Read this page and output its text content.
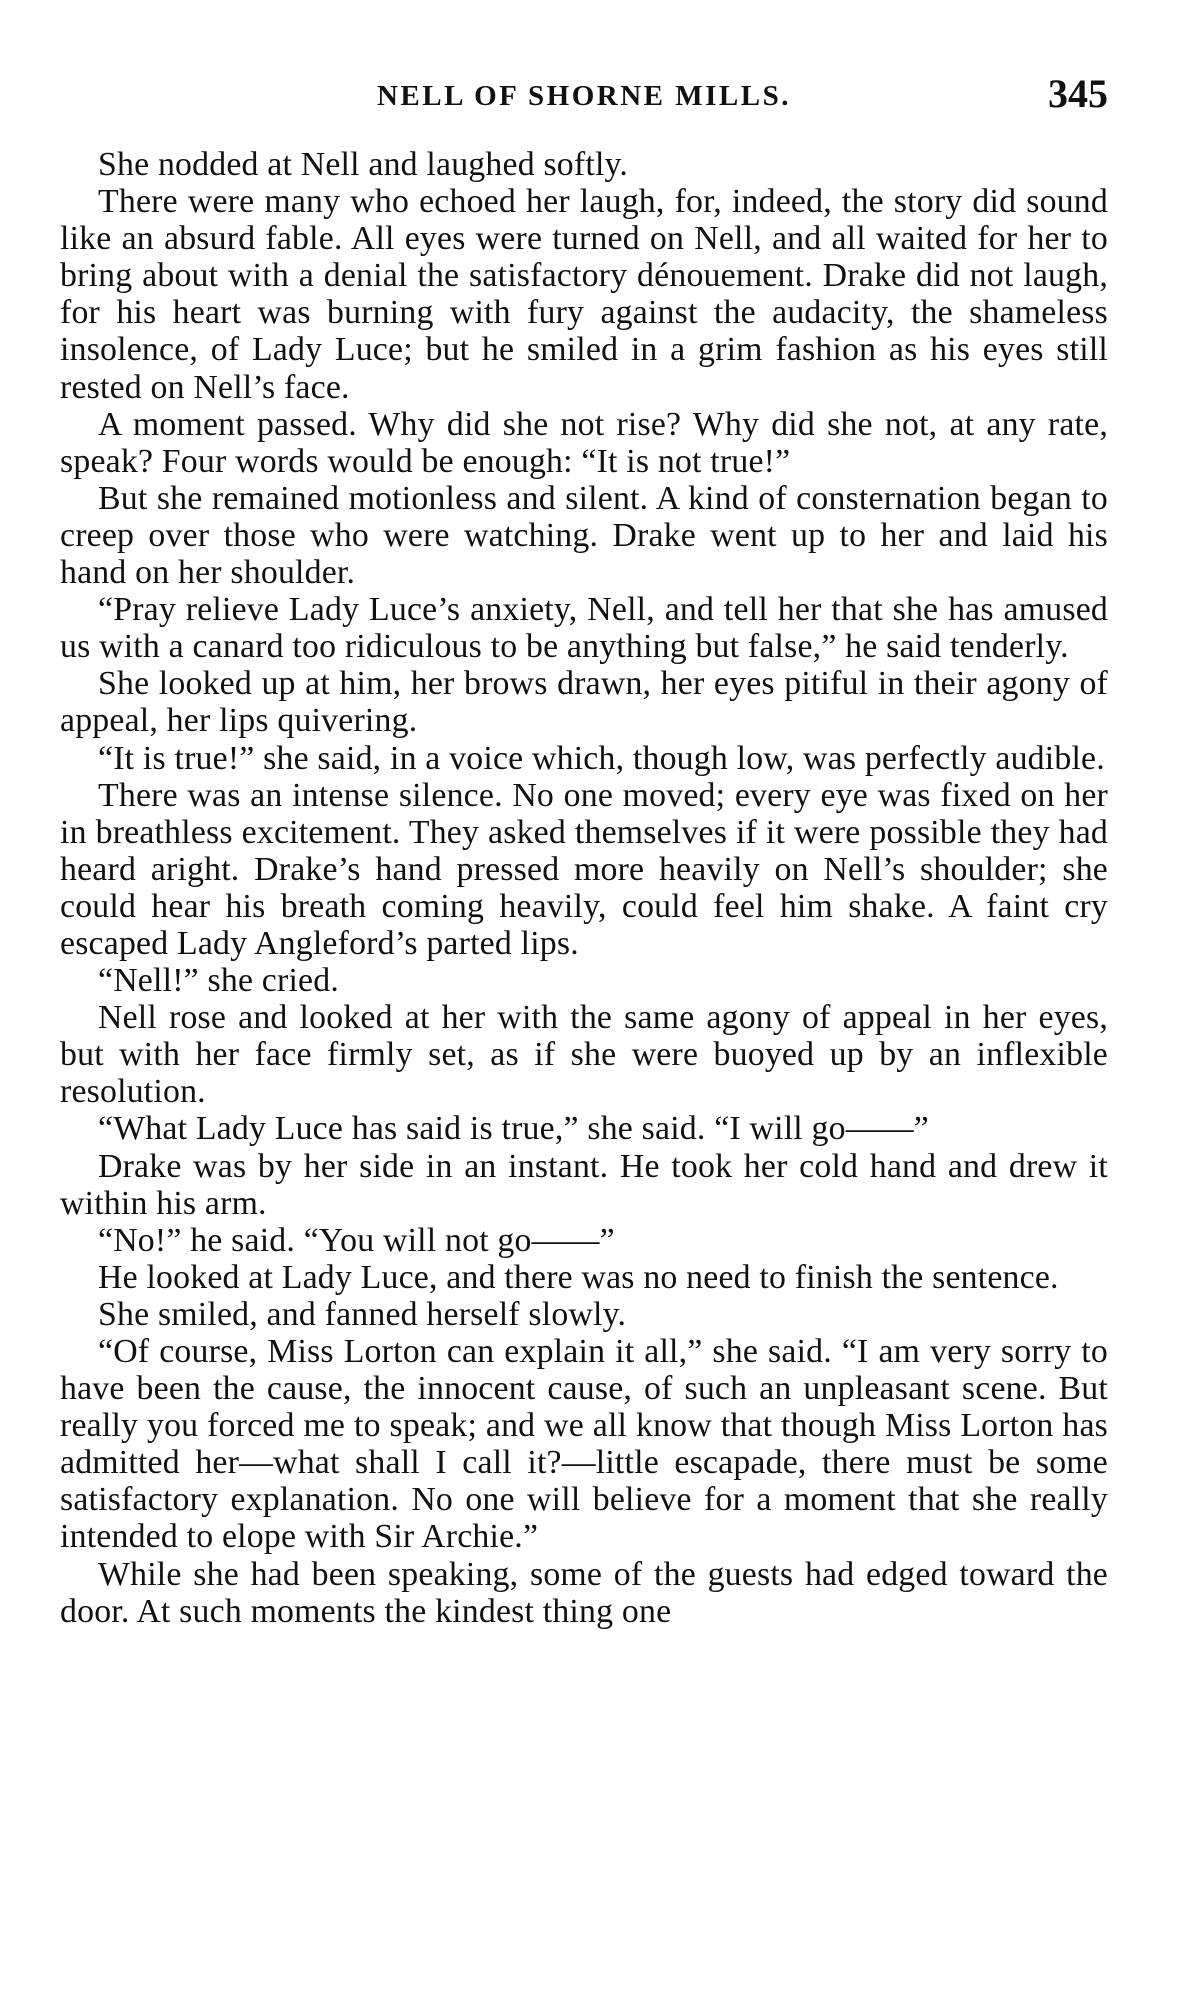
NELL OF SHORNE MILLS.	345

She nodded at Nell and laughed softly.

There were many who echoed her laugh, for, indeed, the story did sound like an absurd fable. All eyes were turned on Nell, and all waited for her to bring about with a denial the satisfactory dénouement. Drake did not laugh, for his heart was burning with fury against the audacity, the shameless insolence, of Lady Luce; but he smiled in a grim fashion as his eyes still rested on Nell’s face.

A moment passed. Why did she not rise? Why did she not, at any rate, speak? Four words would be enough: “It is not true!”

But she remained motionless and silent. A kind of consternation began to creep over those who were watching. Drake went up to her and laid his hand on her shoulder.

“Pray relieve Lady Luce’s anxiety, Nell, and tell her that she has amused us with a canard too ridiculous to be anything but false,” he said tenderly.

She looked up at him, her brows drawn, her eyes pitiful in their agony of appeal, her lips quivering.

“It is true!” she said, in a voice which, though low, was perfectly audible.

There was an intense silence. No one moved; every eye was fixed on her in breathless excitement. They asked themselves if it were possible they had heard aright. Drake’s hand pressed more heavily on Nell’s shoulder; she could hear his breath coming heavily, could feel him shake. A faint cry escaped Lady Angleford’s parted lips.

“Nell!” she cried.

Nell rose and looked at her with the same agony of appeal in her eyes, but with her face firmly set, as if she were buoyed up by an inflexible resolution.

“What Lady Luce has said is true,” she said. “I will go——”

Drake was by her side in an instant. He took her cold hand and drew it within his arm.

“No!” he said. “You will not go——”

He looked at Lady Luce, and there was no need to finish the sentence.

She smiled, and fanned herself slowly.

“Of course, Miss Lorton can explain it all,” she said. “I am very sorry to have been the cause, the innocent cause, of such an unpleasant scene. But really you forced me to speak; and we all know that though Miss Lorton has admitted her—what shall I call it?—little escapade, there must be some satisfactory explanation. No one will believe for a moment that she really intended to elope with Sir Archie.”

While she had been speaking, some of the guests had edged toward the door. At such moments the kindest thing one
